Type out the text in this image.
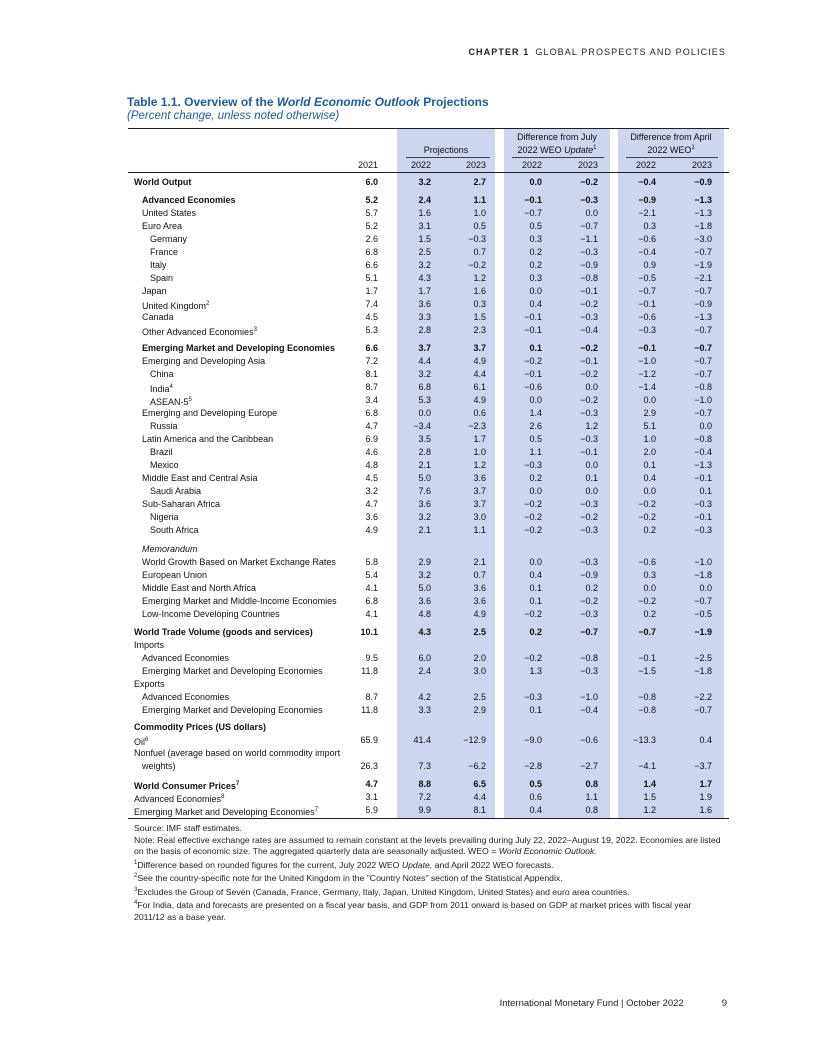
CHAPTER 1 GLOBAL PROSPECTS AND POLICIES
Table 1.1. Overview of the World Economic Outlook Projections
(Percent change, unless noted otherwise)
Projections
Difference from July
2022 WEO Update$^1$
Difference from April
2022 WEO$^1$
2021	2022	2023	2022	2023	2022	2023
World Output	6.0	3.2	2.7	0.0	−0.2	−0.4	−0.9
Advanced Economies	5.2	2.4	1.1	−0.1	−0.3	−0.9	−1.3
United States	5.7	1.6	1.0	−0.7	0.0	−2.1	−1.3
Euro Area	5.2	3.1	0.5	0.5	−0.7	0.3	−1.8
Germany	2.6	1.5	−0.3	0.3	−1.1	−0.6	−3.0
France	6.8	2.5	0.7	0.2	−0.3	−0.4	−0.7
Italy	6.6	3.2	−0.2	0.2	−0.9	0.9	−1.9
Spain	5.1	4.3	1.2	0.3	−0.8	−0.5	−2.1
Japan	1.7	1.7	1.6	0.0	−0.1	−0.7	−0.7
United Kingdom$^2$	7.4	3.6	0.3	0.4	−0.2	−0.1	−0.9
Canada	4.5	3.3	1.5	−0.1	−0.3	−0.6	−1.3
Other Advanced Economies$^3$	5.3	2.8	2.3	−0.1	−0.4	−0.3	−0.7
Emerging Market and Developing Economies	6.6	3.7	3.7	0.1	−0.2	−0.1	−0.7
Emerging and Developing Asia	7.2	4.4	4.9	−0.2	−0.1	−1.0	−0.7
China	8.1	3.2	4.4	−0.1	−0.2	−1.2	−0.7
India$^4$	8.7	6.8	6.1	−0.6	0.0	−1.4	−0.8
ASEAN-$5^5$	3.4	5.3	4.9	0.0	−0.2	0.0	−1.0
Emerging and Developing Europe	6.8	0.0	0.6	1.4	−0.3	2.9	−0.7
Russia	4.7	−3.4	−2.3	2.6	1.2	5.1	0.0
Latin America and the Caribbean	6.9	3.5	1.7	0.5	−0.3	1.0	−0.8
Brazil	4.6	2.8	1.0	1.1	−0.1	2.0	−0.4
Mexico	4.8	2.1	1.2	−0.3	0.0	0.1	−1.3
Middle East and Central Asia	4.5	5.0	3.6	0.2	0.1	0.4	−0.1
Saudi Arabia	3.2	7.6	3.7	0.0	0.0	0.0	0.1
Sub-Saharan Africa	4.7	3.6	3.7	−0.2	−0.3	−0.2	−0.3
Nigeria	3.6	3.2	3.0	−0.2	−0.2	−0.2	−0.1
South Africa	4.9	2.1	1.1	−0.2	−0.3	0.2	−0.3
Memorandum
World Growth Based on Market Exchange Rates	5.8	2.9	2.1	0.0	−0.3	−0.6	−1.0
European Union	5.4	3.2	0.7	0.4	−0.9	0.3	−1.8
Middle East and North Africa	4.1	5.0	3.6	0.1	0.2	0.0	0.0
Emerging Market and Middle-Income Economies	6.8	3.6	3.6	0.1	−0.2	−0.2	−0.7
Low-Income Developing Countries	4.1	4.8	4.9	−0.2	−0.3	0.2	−0.5
World Trade Volume (goods and services)	10.1	4.3	2.5	0.2	−0.7	−0.7	−1.9
Imports
Advanced Economies	9.5	6.0	2.0	−0.2	−0.8	−0.1	−2.5
Emerging Market and Developing Economies	11.8	2.4	3.0	1.3	−0.3	−1.5	−1.8
Exports
Advanced Economies	8.7	4.2	2.5	−0.3	−1.0	−0.8	−2.2
Emerging Market and Developing Economies	11.8	3.3	2.9	0.1	−0.4	−0.8	−0.7
Commodity Prices (US dollars)
Oil$^6$	65.9	41.4	−12.9	−9.0	−0.6	−13.3	0.4
Nonfuel (average based on world commodity import
weights)	26.3	7.3	−6.2	−2.8	−2.7	−4.1	−3.7
World Consumer Prices$^7$	4.7	8.8	6.5	0.5	0.8	1.4	1.7
Advanced Economies$^8$	3.1	7.2	4.4	0.6	1.1	1.5	1.9
Emerging Market and Developing Economies$^7$	5.9	9.9	8.1	0.4	0.8	1.2	1.6

Source: IMF staff estimates.

Note: Real effective exchange rates are assumed to remain constant at the levels prevailing during July 22, 2022–August 19, 2022. Economies are listed on the basis of economic size. The aggregated quarterly data are seasonally adjusted. WEO = World Economic Outlook.

$^1$Difference based on rounded figures for the current, July 2022 WEO Update, and April 2022 WEO forecasts.

$^2$See the country-specific note for the United Kingdom in the "Country Notes" section of the Statistical Appendix.

$^3$Excludes the Group of Seven (Canada, France, Germany, Italy, Japan, United Kingdom, United States) and euro area countries.

$^4$For India, data and forecasts are presented on a fiscal year basis, and GDP from 2011 onward is based on GDP at market prices with fiscal year 2011/12 as a base year.

International Monetary Fund | October 2022	9
